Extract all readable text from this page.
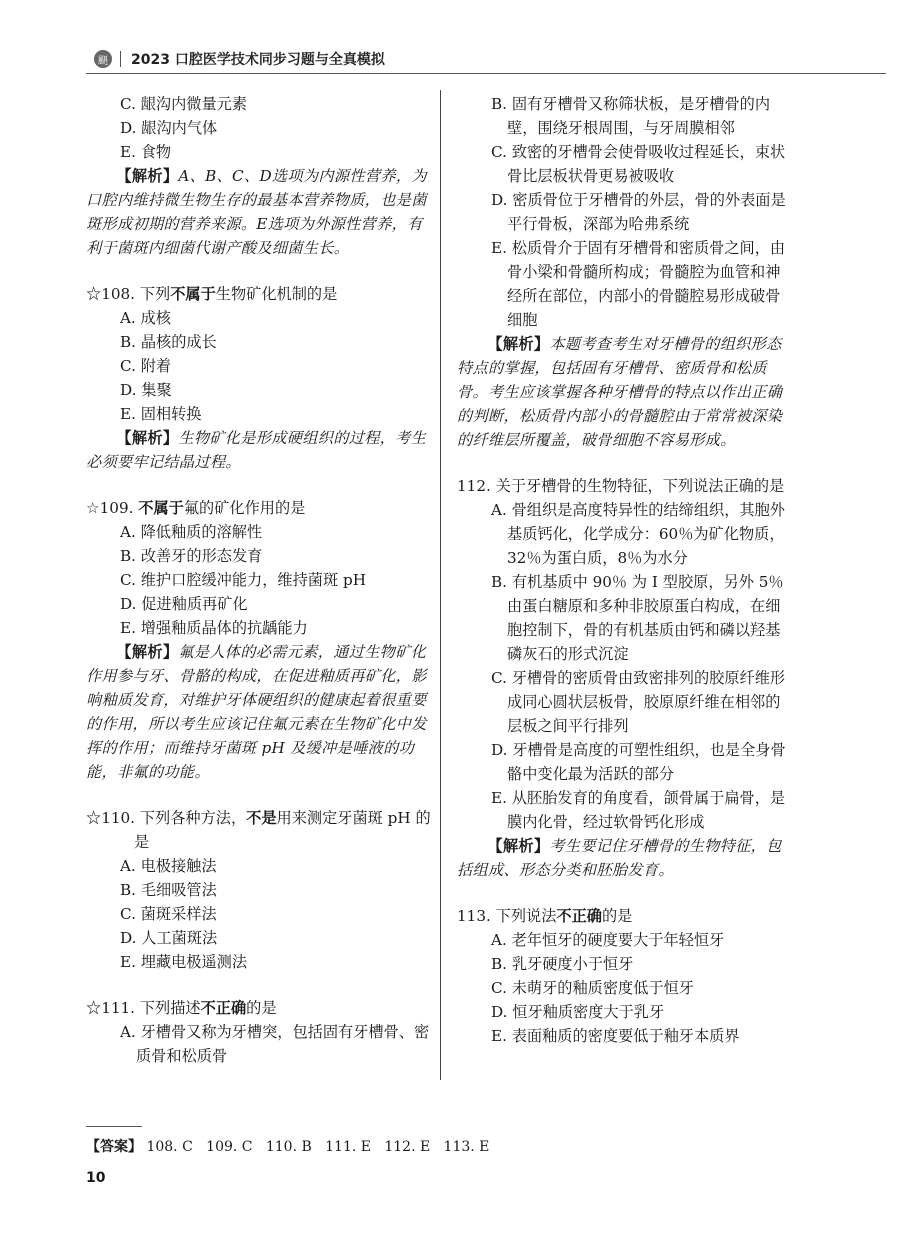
颶 2023 口腔医学技术同步习题与全真模拟
C. 龈沟内微量元素
D. 龈沟内气体
E. 食物
【解析】A、B、C、D选项为内源性营养，为口腔内维持微生物生存的最基本营养物质，也是菌斑形成初期的营养来源。E选项为外源性营养，有利于菌斑内细菌代谢产酸及细菌生长。
☆108. 下列不属于生物矿化机制的是
A. 成核
B. 晶核的成长
C. 附着
D. 集聚
E. 固相转换
【解析】生物矿化是形成硬组织的过程，考生必须要牢记结晶过程。
☆109. 不属于氟的矿化作用的是
A. 降低釉质的溶解性
B. 改善牙的形态发育
C. 维护口腔缓冲能力，维持菌斑 pH
D. 促进釉质再矿化
E. 增强釉质晶体的抗龋能力
【解析】氟是人体的必需元素，通过生物矿化作用参与牙、骨骼的构成，在促进釉质再矿化，影响釉质发育，对维护牙体硬组织的健康起着很重要的作用，所以考生应该记住氟元素在生物矿化中发挥的作用；而维持牙菌斑 pH 及缓冲是唾液的功能，非氟的功能。
☆110. 下列各种方法，不是用来测定牙菌斑 pH 的是
A. 电极接触法
B. 毛细吸管法
C. 菌斑采样法
D. 人工菌斑法
E. 埋藏电极遥测法
☆111. 下列描述不正确的是
A. 牙槽骨又称为牙槽突，包括固有牙槽骨、密质骨和松质骨
B. 固有牙槽骨又称筛状板，是牙槽骨的内壁，围绕牙根周围，与牙周膜相邻
C. 致密的牙槽骨会使骨吸收过程延长，束状骨比层板状骨更易被吸收
D. 密质骨位于牙槽骨的外层，骨的外表面是平行骨板，深部为哈弗系统
E. 松质骨介于固有牙槽骨和密质骨之间，由骨小梁和骨髓所构成；骨髓腔为血管和神经所在部位，内部小的骨髓腔易形成破骨细胞
【解析】本题考查考生对牙槽骨的组织形态特点的掌握，包括固有牙槽骨、密质骨和松质骨。考生应该掌握各种牙槽骨的特点以作出正确的判断，松质骨内部小的骨髓腔由于常常被深染的纤维层所覆盖，破骨细胞不容易形成。
112. 关于牙槽骨的生物特征，下列说法正确的是
A. 骨组织是高度特异性的结缔组织，其胞外基质钙化，化学成分：60％为矿化物质，32％为蛋白质，8％为水分
B. 有机基质中 90％ 为 Ⅰ 型胶原，另外 5％由蛋白糖原和多种非胶原蛋白构成，在细胞控制下，骨的有机基质由钙和磷以羟基磷灰石的形式沉淀
C. 牙槽骨的密质骨由致密排列的胶原纤维形成同心圆状层板骨，胶原原纤维在相邻的层板之间平行排列
D. 牙槽骨是高度的可塑性组织，也是全身骨骼中变化最为活跃的部分
E. 从胚胎发育的角度看，颌骨属于扁骨，是膜内化骨，经过软骨钙化形成
【解析】考生要记住牙槽骨的生物特征，包括组成、形态分类和胚胎发育。
113. 下列说法不正确的是
A. 老年恒牙的硬度要大于年轻恒牙
B. 乳牙硬度小于恒牙
C. 未萌牙的釉质密度低于恒牙
D. 恒牙釉质密度大于乳牙
E. 表面釉质的密度要低于釉牙本质界
【答案】 108. C 109. C 110. B 111. E 112. E 113. E
10
